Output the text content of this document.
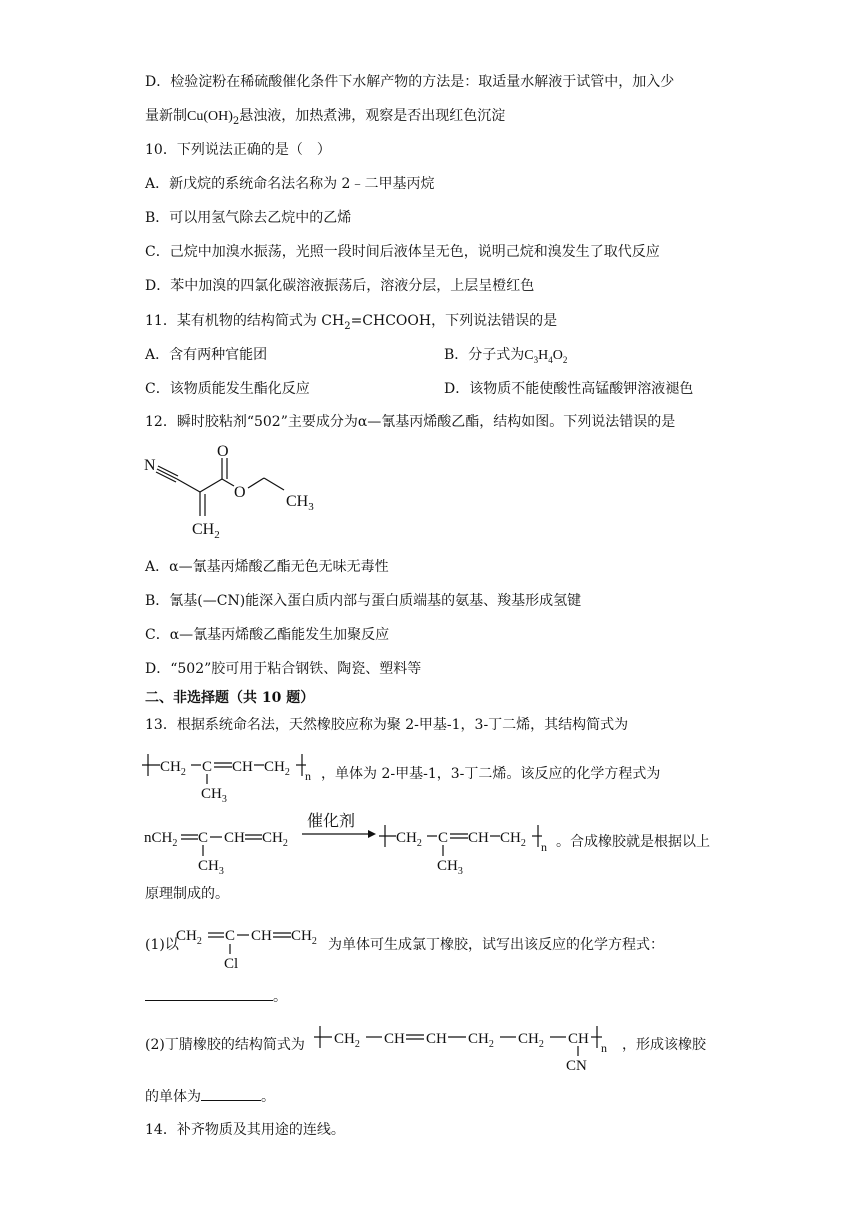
D．检验淀粉在稀硫酸催化条件下水解产物的方法是：取适量水解液于试管中，加入少
量新制$Cu(OH)_2$悬浊液，加热煮沸，观察是否出现红色沉淀
10．下列说法正确的是（　）
A．新戊烷的系统命名法名称为 2﹣二甲基丙烷
B．可以用氢气除去乙烷中的乙烯
C．己烷中加溴水振荡，光照一段时间后液体呈无色，说明己烷和溴发生了取代反应
D．苯中加溴的四氯化碳溶液振荡后，溶液分层，上层呈橙红色
11．某有机物的结构简式为 $CH_2=CHCOOH$，下列说法错误的是
A．含有两种官能团	B．分子式为$C_3H_4O_2$
C．该物质能发生酯化反应	D．该物质不能使酸性高锰酸钾溶液褪色
12．瞬时胶粘剂“502”主要成分为α—氰基丙烯酸乙酯，结构如图。下列说法错误的是
N
O
O
$CH_3$
$CH_2$
A．α—氰基丙烯酸乙酯无色无味无毒性
B．氰基(—CN)能深入蛋白质内部与蛋白质端基的氨基、羧基形成氢键
C．α—氰基丙烯酸乙酯能发生加聚反应
D．“502”胶可用于粘合钢铁、陶瓷、塑料等
二、非选择题（共 10 题）
13．根据系统命名法，天然橡胶应称为聚 2-甲基-1，3-丁二烯，其结构简式为
$CH_2$ C
$CH_3$
CH $CH_2$ n ，单体为 2-甲基-1，3-丁二烯。该反应的化学方程式为
nCH$_2$ C
$CH_3$
CH $CH_2$
催化剂
$CH_2$ C
$CH_3$
CH $CH_2$ n 。合成橡胶就是根据以上
原理制成的。
(1)以
$CH_2$ C
Cl
CH $CH_2$ 为单体可生成氯丁橡胶，试写出该反应的化学方程式：
。
(2)丁腈橡胶的结构简式为 $CH_2$ CH CH $CH_2$ $CH_2$ CH
CN
n ，形成该橡胶
的单体为	。
14．补齐物质及其用途的连线。
